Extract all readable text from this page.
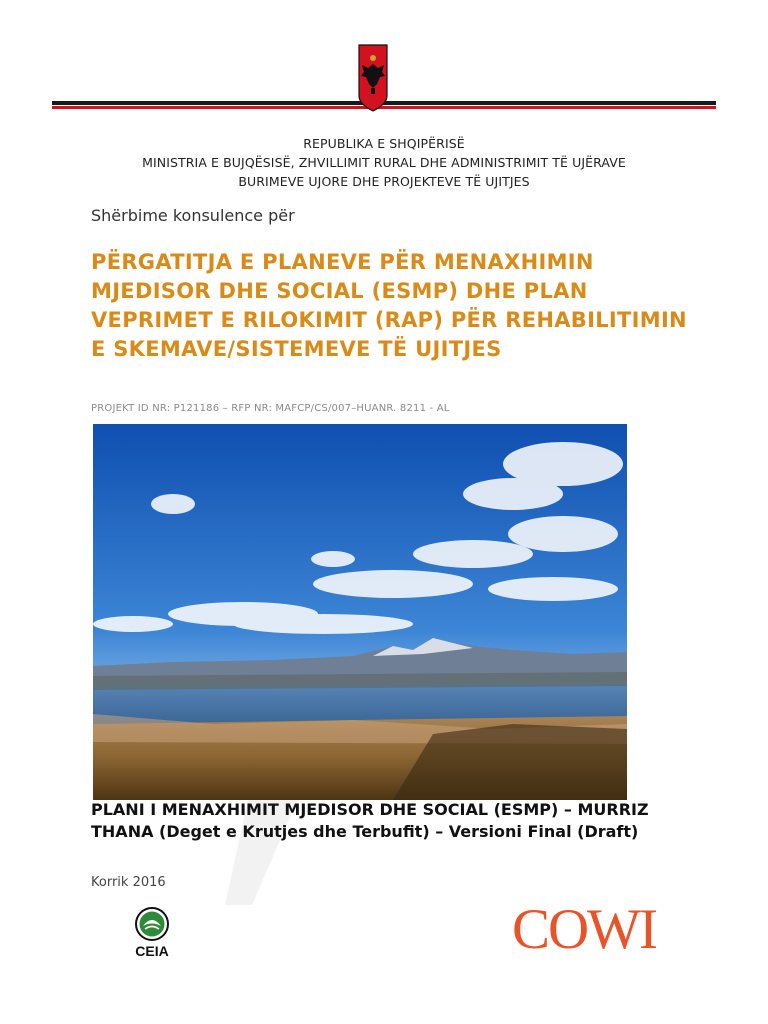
REPUBLIKA E SHQIPËRISË
MINISTRIA E BUJQËSISË, ZHVILLIMIT RURAL DHE ADMINISTRIMIT TË UJËRAVE
BURIMEVE UJORE DHE PROJEKTEVE TË UJITJES
Shërbime konsulence për
PËRGATITJA E PLANEVE PËR MENAXHIMIN MJEDISOR DHE SOCIAL (ESMP) DHE PLAN VEPRIMET E RILOKIMIT (RAP) PËR REHABILITIMIN E SKEMAVE/SISTEMEVE TË UJITJES
PROJEKT ID NR: P121186 – RFP NR: MAFCP/CS/007–HUANR. 8211 - AL
PLANI I MENAXHIMIT MJEDISOR DHE SOCIAL (ESMP) – MURRIZ THANA (Deget e Krutjes dhe Terbufit) – Versioni Final (Draft)
Korrik 2016
CEIA	COWI
